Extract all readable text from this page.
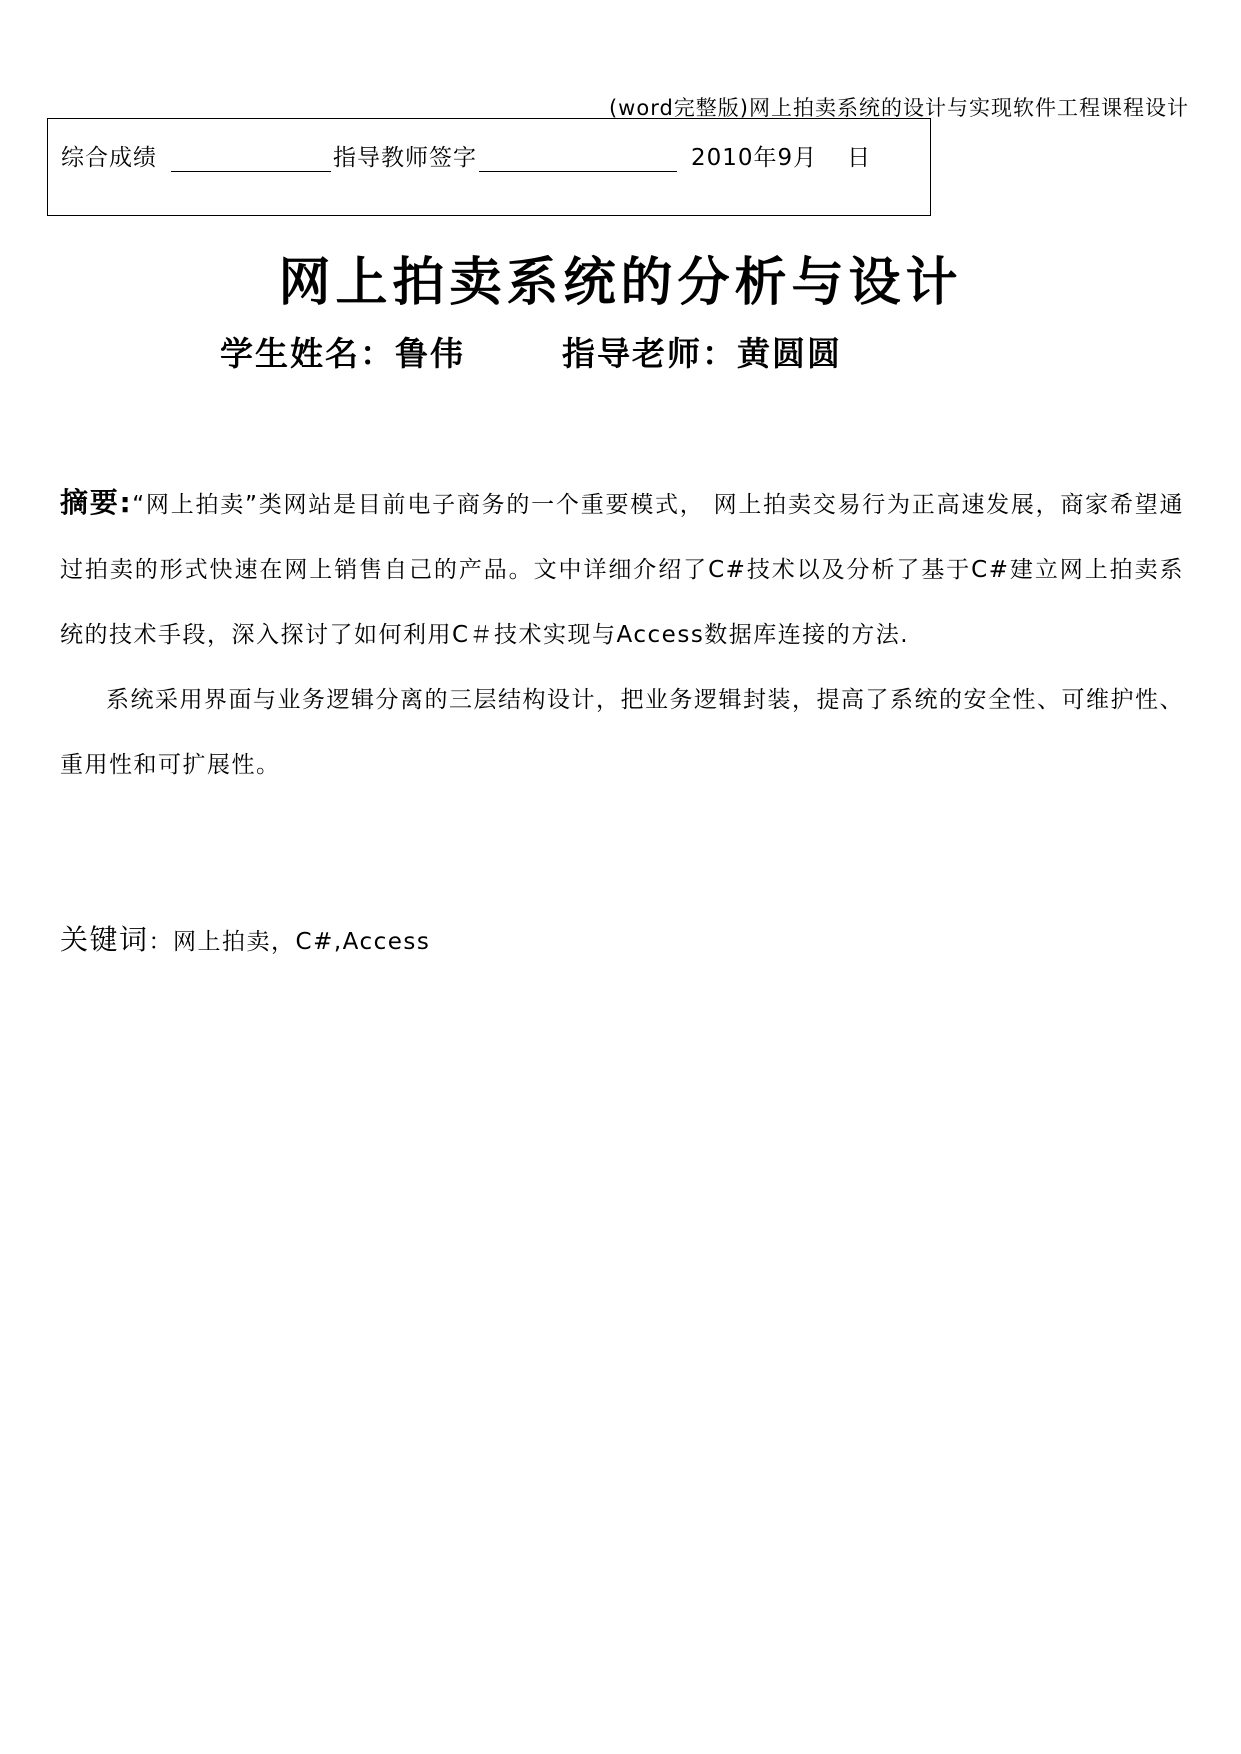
(word完整版)网上拍卖系统的设计与实现软件工程课程设计
综合成绩	指导教师签字	2010年9月 日
网上拍卖系统的分析与设计
学生姓名：鲁伟	指导老师：黄圆圆

摘要:“网上拍卖”类网站是目前电子商务的一个重要模式， 网上拍卖交易行为正高速发展，商家希望通过拍卖的形式快速在网上销售自己的产品。文中详细介绍了C#技术以及分析了基于C#建立网上拍卖系统的技术手段，深入探讨了如何利用C＃技术实现与Access数据库连接的方法.

系统采用界面与业务逻辑分离的三层结构设计，把业务逻辑封装，提高了系统的安全性、可维护性、重用性和可扩展性。

关键词：网上拍卖，C#,Access
